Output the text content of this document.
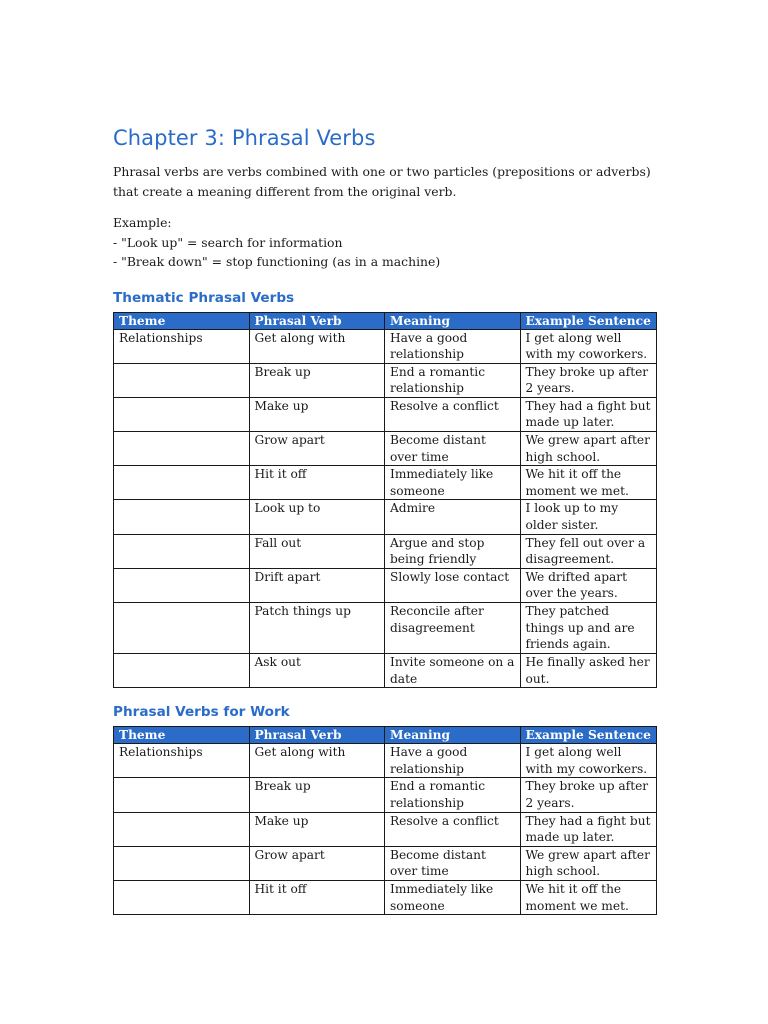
Chapter 3: Phrasal Verbs

Phrasal verbs are verbs combined with one or two particles (prepositions or adverbs) that create a meaning different from the original verb.

Example:

- "Look up" = search for information

- "Break down" = stop functioning (as in a machine)

Thematic Phrasal Verbs
Theme	Phrasal Verb	Meaning	Example Sentence
Relationships	Get along with	Have a good relationship	I get along well with my coworkers.
	Break up	End a romantic relationship	They broke up after 2 years.
	Make up	Resolve a conflict	They had a fight but made up later.
	Grow apart	Become distant over time	We grew apart after high school.
	Hit it off	Immediately like someone	We hit it off the moment we met.
	Look up to	Admire	I look up to my older sister.
	Fall out	Argue and stop being friendly	They fell out over a disagreement.
	Drift apart	Slowly lose contact	We drifted apart over the years.
	Patch things up	Reconcile after disagreement	They patched things up and are friends again.
	Ask out	Invite someone on a date	He finally asked her out.
Phrasal Verbs for Work
Theme	Phrasal Verb	Meaning	Example Sentence
Relationships	Get along with	Have a good relationship	I get along well with my coworkers.
	Break up	End a romantic relationship	They broke up after 2 years.
	Make up	Resolve a conflict	They had a fight but made up later.
	Grow apart	Become distant over time	We grew apart after high school.
	Hit it off	Immediately like someone	We hit it off the moment we met.
